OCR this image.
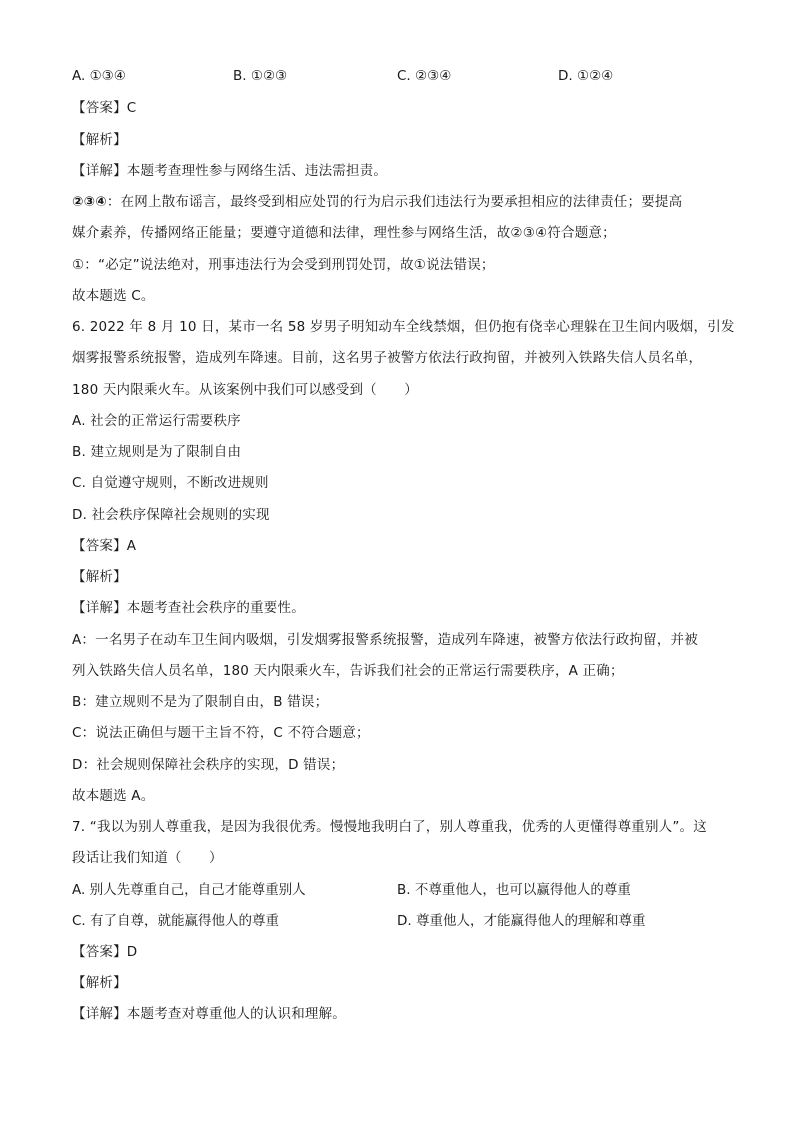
A. ①③④	B. ①②③	C. ②③④	D. ①②④
【答案】C
【解析】
【详解】本题考查理性参与网络生活、违法需担责。
②③④：在网上散布谣言，最终受到相应处罚的行为启示我们违法行为要承担相应的法律责任；要提高
媒介素养，传播网络正能量；要遵守道德和法律，理性参与网络生活，故②③④符合题意；
①：“必定”说法绝对，刑事违法行为会受到刑罚处罚，故①说法错误；
故本题选 C。
6. 2022 年 8 月 10 日，某市一名 58 岁男子明知动车全线禁烟，但仍抱有侥幸心理躲在卫生间内吸烟，引发
烟雾报警系统报警，造成列车降速。目前，这名男子被警方依法行政拘留，并被列入铁路失信人员名单，
180 天内限乘火车。从该案例中我们可以感受到（　　）
A. 社会的正常运行需要秩序
B. 建立规则是为了限制自由
C. 自觉遵守规则，不断改进规则
D. 社会秩序保障社会规则的实现
【答案】A
【解析】
【详解】本题考查社会秩序的重要性。
A：一名男子在动车卫生间内吸烟，引发烟雾报警系统报警，造成列车降速，被警方依法行政拘留，并被
列入铁路失信人员名单，180 天内限乘火车，告诉我们社会的正常运行需要秩序，A 正确；
B：建立规则不是为了限制自由，B 错误；
C：说法正确但与题干主旨不符，C 不符合题意；
D：社会规则保障社会秩序的实现，D 错误；
故本题选 A。
7. “我以为别人尊重我，是因为我很优秀。慢慢地我明白了，别人尊重我，优秀的人更懂得尊重别人”。这
段话让我们知道（　　）
A. 别人先尊重自己，自己才能尊重别人	B. 不尊重他人，也可以赢得他人的尊重
C. 有了自尊，就能赢得他人的尊重	D. 尊重他人，才能赢得他人的理解和尊重
【答案】D
【解析】
【详解】本题考查对尊重他人的认识和理解。
